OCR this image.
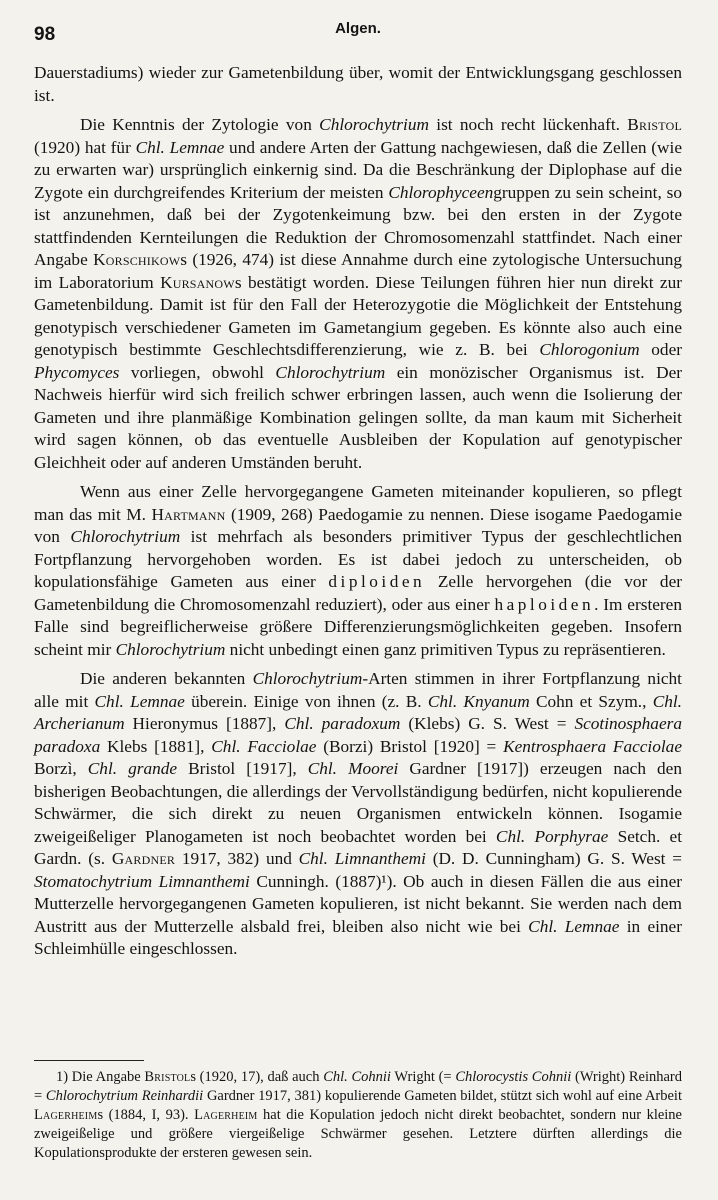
98	Algen.

Dauerstadiums) wieder zur Gametenbildung über, womit der Entwicklungsgang geschlossen ist.

Die Kenntnis der Zytologie von Chlorochytrium ist noch recht lückenhaft. Bristol (1920) hat für Chl. Lemnae und andere Arten der Gattung nachgewiesen, daß die Zellen (wie zu erwarten war) ursprünglich einkernig sind. Da die Beschränkung der Diplophase auf die Zygote ein durchgreifendes Kriterium der meisten Chlorophyceengruppen zu sein scheint, so ist anzunehmen, daß bei der Zygotenkeimung bzw. bei den ersten in der Zygote stattfindenden Kernteilungen die Reduktion der Chromosomenzahl stattfindet. Nach einer Angabe Korschikows (1926, 474) ist diese Annahme durch eine zytologische Untersuchung im Laboratorium Kursanows bestätigt worden. Diese Teilungen führen hier nun direkt zur Gametenbildung. Damit ist für den Fall der Heterozygotie die Möglichkeit der Entstehung genotypisch verschiedener Gameten im Gametangium gegeben. Es könnte also auch eine genotypisch bestimmte Geschlechtsdifferenzierung, wie z. B. bei Chlorogonium oder Phycomyces vorliegen, obwohl Chlorochytrium ein monözischer Organismus ist. Der Nachweis hierfür wird sich freilich schwer erbringen lassen, auch wenn die Isolierung der Gameten und ihre planmäßige Kombination gelingen sollte, da man kaum mit Sicherheit wird sagen können, ob das eventuelle Ausbleiben der Kopulation auf genotypischer Gleichheit oder auf anderen Umständen beruht.

Wenn aus einer Zelle hervorgegangene Gameten miteinander kopulieren, so pflegt man das mit M. Hartmann (1909, 268) Paedogamie zu nennen. Diese isogame Paedogamie von Chlorochytrium ist mehrfach als besonders primitiver Typus der geschlechtlichen Fortpflanzung hervorgehoben worden. Es ist dabei jedoch zu unterscheiden, ob kopulationsfähige Gameten aus einer diploiden Zelle hervorgehen (die vor der Gametenbildung die Chromosomenzahl reduziert), oder aus einer haploiden. Im ersteren Falle sind begreiflicherweise größere Differenzierungsmöglichkeiten gegeben. Insofern scheint mir Chlorochytrium nicht unbedingt einen ganz primitiven Typus zu repräsentieren.

Die anderen bekannten Chlorochytrium-Arten stimmen in ihrer Fortpflanzung nicht alle mit Chl. Lemnae überein. Einige von ihnen (z. B. Chl. Knyanum Cohn et Szym., Chl. Archerianum Hieronymus [1887], Chl. paradoxum (Klebs) G. S. West = Scotinosphaera paradoxa Klebs [1881], Chl. Facciolae (Borzi) Bristol [1920] = Kentrosphaera Facciolae Borzì, Chl. grande Bristol [1917], Chl. Moorei Gardner [1917]) erzeugen nach den bisherigen Beobachtungen, die allerdings der Vervollständigung bedürfen, nicht kopulierende Schwärmer, die sich direkt zu neuen Organismen entwickeln können. Isogamie zweigeißeliger Planogameten ist noch beobachtet worden bei Chl. Porphyrae Setch. et Gardn. (s. Gardner 1917, 382) und Chl. Limnanthemi (D. D. Cunningham) G. S. West = Stomatochytrium Limnanthemi Cunningh. (1887)¹). Ob auch in diesen Fällen die aus einer Mutterzelle hervorgegangenen Gameten kopulieren, ist nicht bekannt. Sie werden nach dem Austritt aus der Mutterzelle alsbald frei, bleiben also nicht wie bei Chl. Lemnae in einer Schleimhülle eingeschlossen.

1) Die Angabe Bristols (1920, 17), daß auch Chl. Cohnii Wright (= Chlorocystis Cohnii (Wright) Reinhard = Chlorochytrium Reinhardii Gardner 1917, 381) kopulierende Gameten bildet, stützt sich wohl auf eine Arbeit Lagerheims (1884, I, 93). Lagerheim hat die Kopulation jedoch nicht direkt beobachtet, sondern nur kleine zweigeißelige und größere viergeißelige Schwärmer gesehen. Letztere dürften allerdings die Kopulationsprodukte der ersteren gewesen sein.
